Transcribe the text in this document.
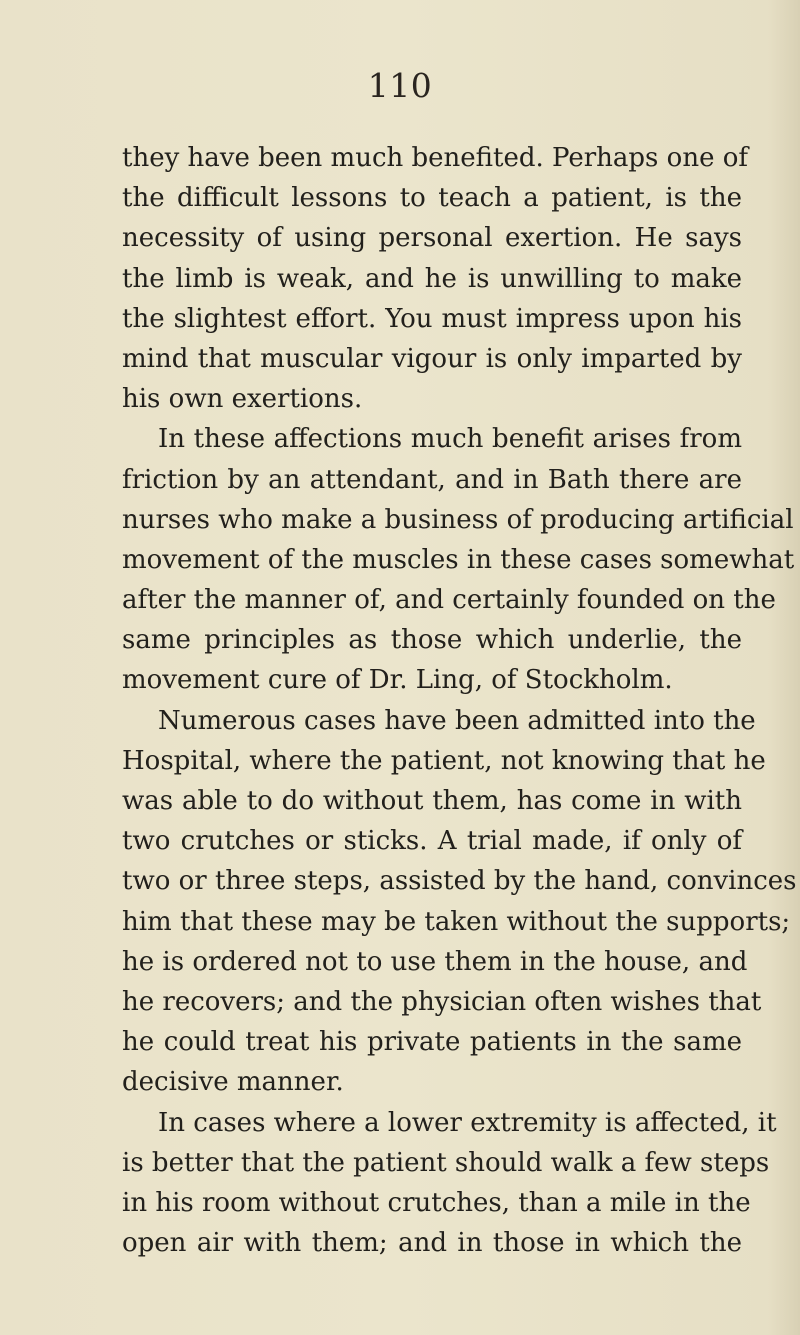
110
they have been much benefited. Perhaps one of
the difficult lessons to teach a patient, is the
necessity of using personal exertion. He says
the limb is weak, and he is unwilling to make
the slightest effort. You must impress upon his
mind that muscular vigour is only imparted by
his own exertions.
In these affections much benefit arises from
friction by an attendant, and in Bath there are
nurses who make a business of producing artificial
movement of the muscles in these cases somewhat
after the manner of, and certainly founded on the
same principles as those which underlie, the
movement cure of Dr. Ling, of Stockholm.
Numerous cases have been admitted into the
Hospital, where the patient, not knowing that he
was able to do without them, has come in with
two crutches or sticks. A trial made, if only of
two or three steps, assisted by the hand, convinces
him that these may be taken without the supports;
he is ordered not to use them in the house, and
he recovers; and the physician often wishes that
he could treat his private patients in the same
decisive manner.
In cases where a lower extremity is affected, it
is better that the patient should walk a few steps
in his room without crutches, than a mile in the
open air with them; and in those in which the
